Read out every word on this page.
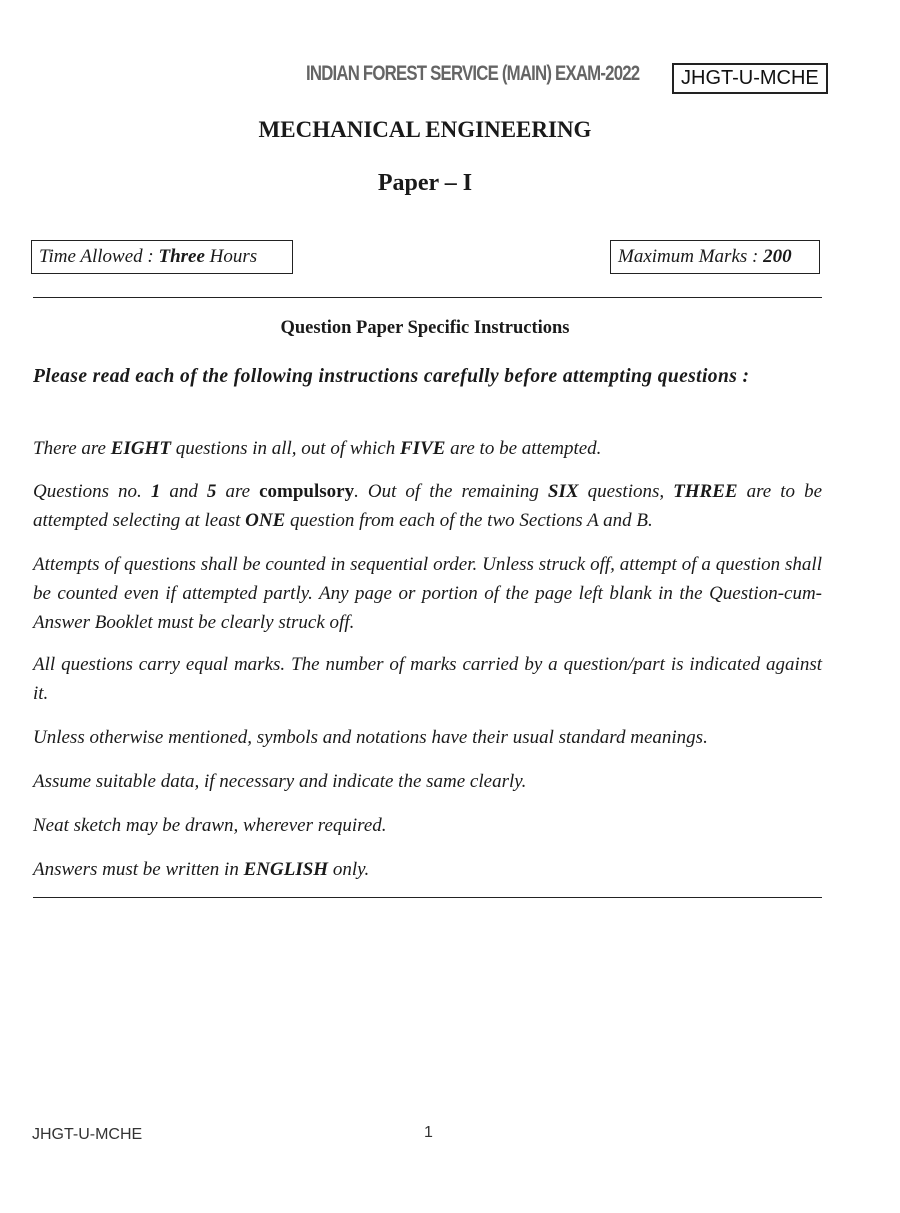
INDIAN FOREST SERVICE (MAIN) EXAM-2022	JHGT-U-MCHE
MECHANICAL ENGINEERING
Paper – I
Time Allowed : Three Hours	Maximum Marks : 200
Question Paper Specific Instructions

Please read each of the following instructions carefully before attempting questions :

There are EIGHT questions in all, out of which FIVE are to be attempted.

Questions no. 1 and 5 are compulsory. Out of the remaining SIX questions, THREE are to be attempted selecting at least ONE question from each of the two Sections A and B.

Attempts of questions shall be counted in sequential order. Unless struck off, attempt of a question shall be counted even if attempted partly. Any page or portion of the page left blank in the Question-cum-Answer Booklet must be clearly struck off.

All questions carry equal marks. The number of marks carried by a question/part is indicated against it.

Unless otherwise mentioned, symbols and notations have their usual standard meanings.

Assume suitable data, if necessary and indicate the same clearly.

Neat sketch may be drawn, wherever required.

Answers must be written in ENGLISH only.

JHGT-U-MCHE	1
